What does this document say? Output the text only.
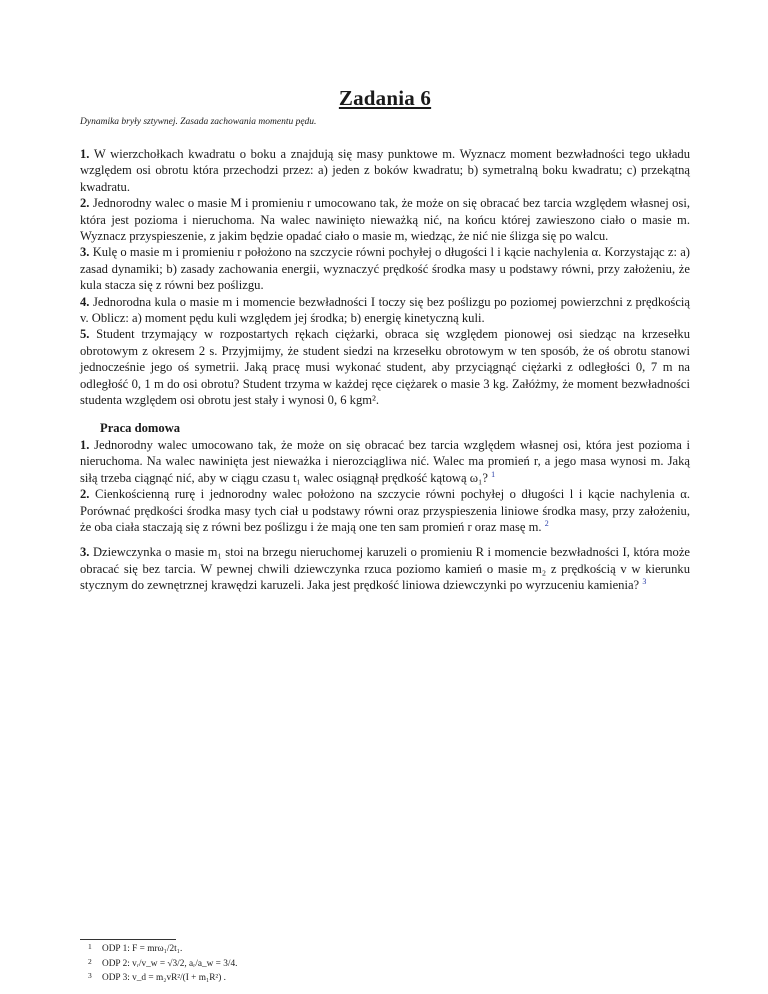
Zadania 6
Dynamika bryły sztywnej. Zasada zachowania momentu pędu.

1. W wierzchołkach kwadratu o boku a znajdują się masy punktowe m. Wyznacz moment bezwładności tego układu względem osi obrotu która przechodzi przez: a) jeden z boków kwadratu; b) symetralną boku kwadratu; c) przekątną kwadratu.

2. Jednorodny walec o masie M i promieniu r umocowano tak, że może on się obracać bez tarcia względem własnej osi, która jest pozioma i nieruchoma. Na walec nawinięto nieważką nić, na końcu której zawieszono ciało o masie m. Wyznacz przyspieszenie, z jakim będzie opadać ciało o masie m, wiedząc, że nić nie ślizga się po walcu.

3. Kulę o masie m i promieniu r położono na szczycie równi pochyłej o długości l i kącie nachylenia α. Korzystając z: a) zasad dynamiki; b) zasady zachowania energii, wyznaczyć prędkość środka masy u podstawy równi, przy założeniu, że kula stacza się z równi bez poślizgu.

4. Jednorodna kula o masie m i momencie bezwładności I toczy się bez poślizgu po poziomej powierzchni z prędkością v. Oblicz: a) moment pędu kuli względem jej środka; b) energię kinetyczną kuli.

5. Student trzymający w rozpostartych rękach ciężarki, obraca się względem pionowej osi siedząc na krzesełku obrotowym z okresem 2 s. Przyjmijmy, że student siedzi na krzesełku obrotowym w ten sposób, że oś obrotu stanowi jednocześnie jego oś symetrii. Jaką pracę musi wykonać student, aby przyciągnąć ciężarki z odległości 0, 7 m na odległość 0, 1 m do osi obrotu? Student trzyma w każdej ręce ciężarek o masie 3 kg. Załóżmy, że moment bezwładności studenta względem osi obrotu jest stały i wynosi 0, 6 kgm².

Praca domowa

1. Jednorodny walec umocowano tak, że może on się obracać bez tarcia względem własnej osi, która jest pozioma i nieruchoma. Na walec nawinięta jest nieważka i nierozciągliwa nić. Walec ma promień r, a jego masa wynosi m. Jaką siłą trzeba ciągnąć nić, aby w ciągu czasu t₁ walec osiągnął prędkość kątową ω₁? $^1$

2. Cienkościenną rurę i jednorodny walec położono na szczycie równi pochyłej o długości l i kącie nachylenia α. Porównać prędkości środka masy tych ciał u podstawy równi oraz przyspieszenia liniowe środka masy, przy założeniu, że oba ciała staczają się z równi bez poślizgu i że mają one ten sam promień r oraz masę m. $^2$

3. Dziewczynka o masie m₁ stoi na brzegu nieruchomej karuzeli o promieniu R i momencie bezwładności I, która może obracać się bez tarcia. W pewnej chwili dziewczynka rzuca poziomo kamień o masie m₂ z prędkością v w kierunku stycznym do zewnętrznej krawędzi karuzeli. Jaka jest prędkość liniowa dziewczynki po wyrzuceniu kamienia? $^3$

1 ODP 1: F = mrω₁/2t₁.
2 ODP 2: vᵣ/v_w = √3/2, aᵣ/a_w = 3/4.
3 ODP 3: v_d = m₂vR²/(I + m₁R²) .
